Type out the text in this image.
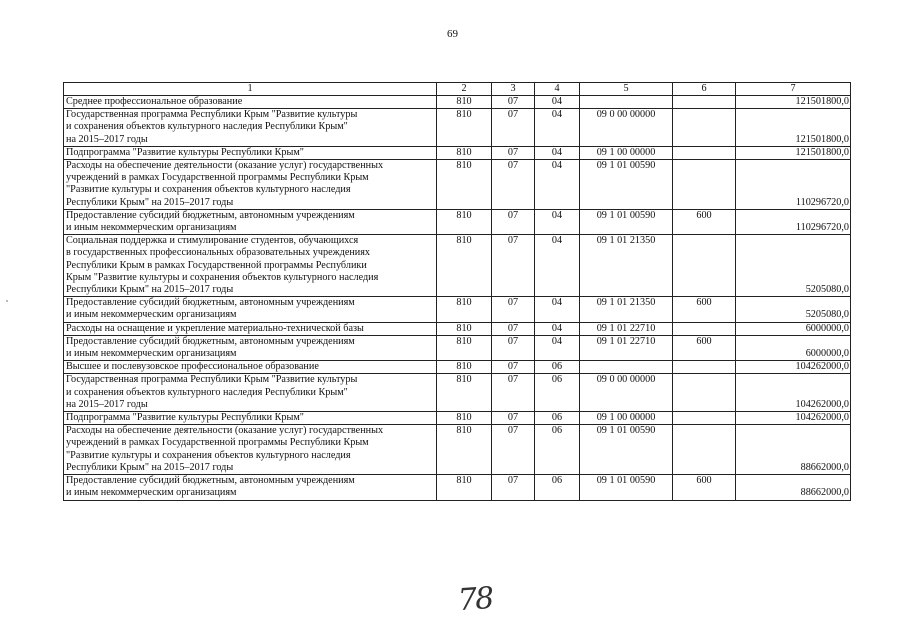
69
1	2	3	4	5	6	7

Среднее профессиональное образование	810	07	04			121501800,0

Государственная программа Республики Крым "Развитие культуры
и сохранения объектов культурного наследия Республики Крым"
на 2015–2017 годы	810	07	04	09 0 00 00000		121501800,0

Подпрограмма "Развитие культуры Республики Крым"	810	07	04	09 1 00 00000		121501800,0

Расходы на обеспечение деятельности (оказание услуг) государственных
учреждений в рамках Государственной программы Республики Крым
"Развитие культуры и сохранения объектов культурного наследия
Республики Крым" на 2015–2017 годы	810	07	04	09 1 01 00590		110296720,0

Предоставление субсидий бюджетным, автономным учреждениям
и иным некоммерческим организациям	810	07	04	09 1 01 00590	600	110296720,0

Социальная поддержка и стимулирование студентов, обучающихся
в государственных профессиональных образовательных учреждениях
Республики Крым в рамках Государственной программы Республики
Крым "Развитие культуры и сохранения объектов культурного наследия
Республики Крым" на 2015–2017 годы	810	07	04	09 1 01 21350		5205080,0

Предоставление субсидий бюджетным, автономным учреждениям
и иным некоммерческим организациям	810	07	04	09 1 01 21350	600	5205080,0

Расходы на оснащение и укрепление материально-технической базы	810	07	04	09 1 01 22710		6000000,0

Предоставление субсидий бюджетным, автономным учреждениям
и иным некоммерческим организациям	810	07	04	09 1 01 22710	600	6000000,0

Высшее и послевузовское профессиональное образование	810	07	06			104262000,0

Государственная программа Республики Крым "Развитие культуры
и сохранения объектов культурного наследия Республики Крым"
на 2015–2017 годы	810	07	06	09 0 00 00000		104262000,0

Подпрограмма "Развитие культуры Республики Крым"	810	07	06	09 1 00 00000		104262000,0

Расходы на обеспечение деятельности (оказание услуг) государственных
учреждений в рамках Государственной программы Республики Крым
"Развитие культуры и сохранения объектов культурного наследия
Республики Крым" на 2015–2017 годы	810	07	06	09 1 01 00590		88662000,0

Предоставление субсидий бюджетным, автономным учреждениям
и иным некоммерческим организациям	810	07	06	09 1 01 00590	600	88662000,0
78
